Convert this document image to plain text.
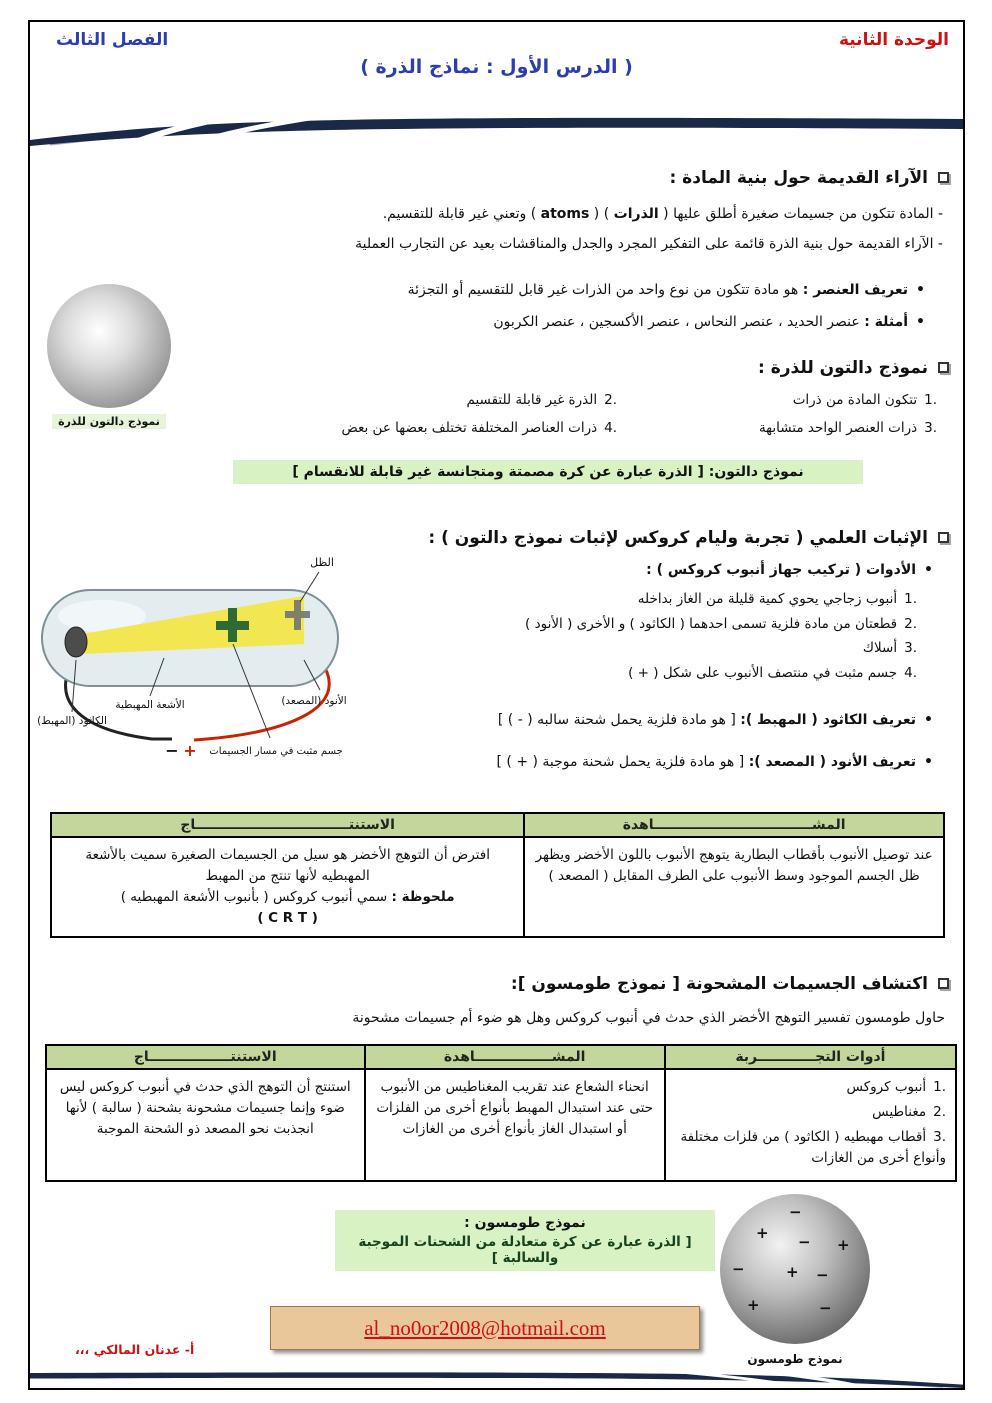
الوحدة الثانية
الفصل الثالث
( الدرس الأول : نماذج الذرة )
الآراء القديمة حول بنية المادة :
- المادة تتكون من جسيمات صغيرة أطلق عليها ( الذرات ) ( atoms ) وتعني غير قابلة للتقسيم.
- الآراء القديمة حول بنية الذرة قائمة على التفكير المجرد والجدل والمناقشات بعيد عن التجارب العملية
•تعريف العنصر : هو مادة تتكون من نوع واحد من الذرات غير قابل للتقسيم أو التجزئة
•أمثلة : عنصر الحديد ، عنصر النحاس ، عنصر الأكسجين ، عنصر الكربون
نموذج دالتون للذرة
نموذج دالتون للذرة :
1.تتكون المادة من ذرات
2.الذرة غير قابلة للتقسيم
3.ذرات العنصر الواحد متشابهة
4.ذرات العناصر المختلفة تختلف بعضها عن بعض
نموذج دالتون: [ الذرة عبارة عن كرة مصمتة ومتجانسة غير قابلة للانقسام ]
الإثبات العلمي ( تجربة وليام كروكس لإثبات نموذج دالتون ) :
•الأدوات ( تركيب جهاز أنبوب كروكس ) :
1.أنبوب زجاجي يحوي كمية قليلة من الغاز بداخله
2.قطعتان من مادة فلزية تسمى احدهما ( الكاثود ) و الأخرى ( الأنود )
3.أسلاك
4.جسم مثبت في منتصف الأنبوب على شكل ( + )
•تعريف الكاثود ( المهبط ): [ هو مادة فلزية يحمل شحنة سالبه ( - ) ]
•تعريف الأنود ( المصعد ): [ هو مادة فلزية يحمل شحنة موجبة ( + ) ]
− +
الظل
الأنود (المصعد)
الأشعة المهبطية
الكاثود (المهبط)
جسم مثبت في مسار الجسيمات
المشـــــــــــــــــــــــــــــــــاهدة	الاستنتــــــــــــــــــــــــــــــــاج
عند توصيل الأنبوب بأقطاب البطارية يتوهج الأنبوب باللون الأخضر ويظهر ظل الجسم الموجود وسط الأنبوب على الطرف المقابل ( المصعد )	افترض أن التوهج الأخضر هو سيل من الجسيمات الصغيرة سميت بالأشعة المهبطيه لأنها تنتج من المهبط
ملحوظة : سمي أنبوب كروكس ( بأنبوب الأشعة المهبطيه )
( C R T )
اكتشاف الجسيمات المشحونة [ نموذج طومسون ]:
حاول طومسون تفسير التوهج الأخضر الذي حدث في أنبوب كروكس وهل هو ضوء أم جسيمات مشحونة
أدوات التجــــــــــــربة	المشــــــــــــــــاهدة	الاستنتـــــــــــــــــاج

1.أنبوب كروكس
2.مغناطيس
3.أقطاب مهبطيه ( الكاثود ) من فلزات مختلفة وأنواع أخرى من الغازات	انحناء الشعاع عند تقريب المغناطيس من الأنبوب حتى عند استبدال المهبط بأنواع أخرى من الفلزات أو استبدال الغاز بأنواع أخرى من الغازات	استنتج أن التوهج الذي حدث في أنبوب كروكس ليس ضوء وإنما جسيمات مشحونة بشحنة ( سالبة ) لأنها انجذبت نحو المصعد ذو الشحنة الموجبة
نموذج طومسون :
[ الذرة عبارة عن كرة متعادلة من الشحنات الموجبة والسالبة ]
−
+
+
−	+ −
+	−
−
نموذج طومسون
al_no0or2008@hotmail.com
أ- عدنان المالكي ،،،
